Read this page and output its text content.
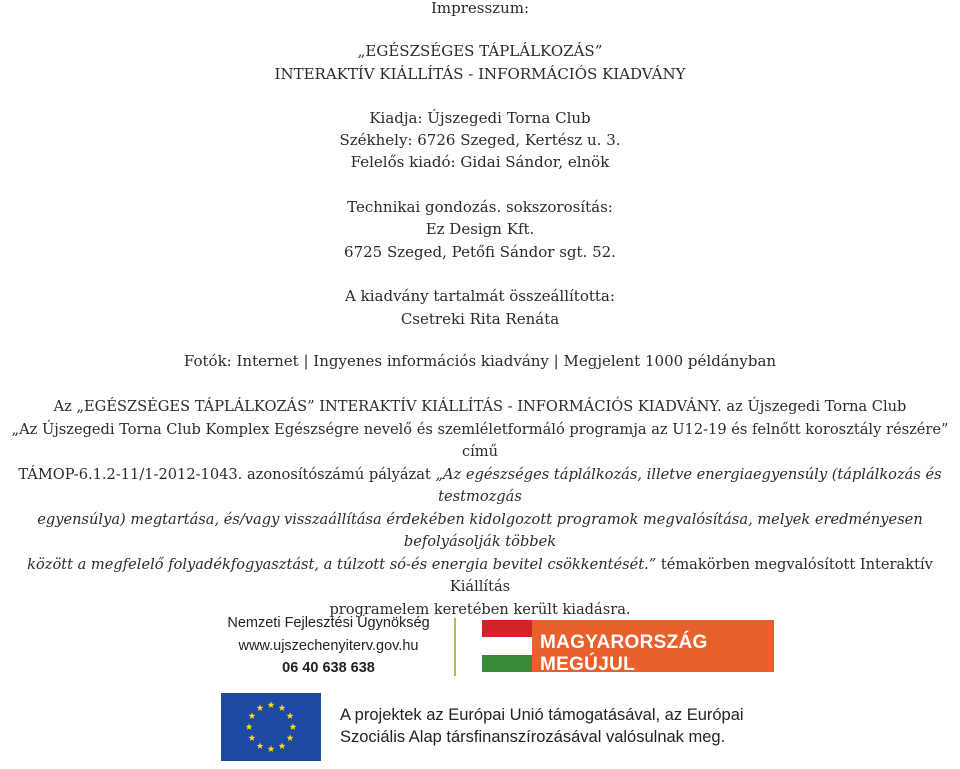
Impresszum:
„EGÉSZSÉGES TÁPLÁLKOZÁS”
INTERAKTÍV KIÁLLÍTÁS - INFORMÁCIÓS KIADVÁNY
Kiadja: Újszegedi Torna Club
Székhely: 6726 Szeged, Kertész u. 3.
Felelős kiadó: Gidai Sándor, elnök
Technikai gondozás. sokszorosítás:
Ez Design Kft.
6725 Szeged, Petőfi Sándor sgt. 52.
A kiadvány tartalmát összeállította:
Csetreki Rita Renáta
Fotók: Internet | Ingyenes információs kiadvány | Megjelent 1000 példányban
Az „EGÉSZSÉGES TÁPLÁLKOZÁS” INTERAKTÍV KIÁLLÍTÁS - INFORMÁCIÓS KIADVÁNY. az Újszegedi Torna Club
„Az Újszegedi Torna Club Komplex Egészségre nevelő és szemléletformáló programja az U12-19 és felnőtt korosztály részére” című
TÁMOP-6.1.2-11/1-2012-1043. azonosítószámú pályázat „Az egészséges táplálkozás, illetve energiaegyensúly (táplálkozás és testmozgás
egyensúlya) megtartása, és/vagy visszaállítása érdekében kidolgozott programok megvalósítása, melyek eredményesen befolyásolják többek
között a megfelelő folyadékfogyasztást, a túlzott só-és energia bevitel csökkentését.” témakörben megvalósított Interaktív Kiállítás
programelem keretében került kiadásra.
Nemzeti Fejlesztési Ügynökség
www.ujszechenyiterv.gov.hu
06 40 638 638
MAGYARORSZÁG MEGÚJUL
A projektek az Európai Unió támogatásával, az Európai
Szociális Alap társfinanszírozásával valósulnak meg.
